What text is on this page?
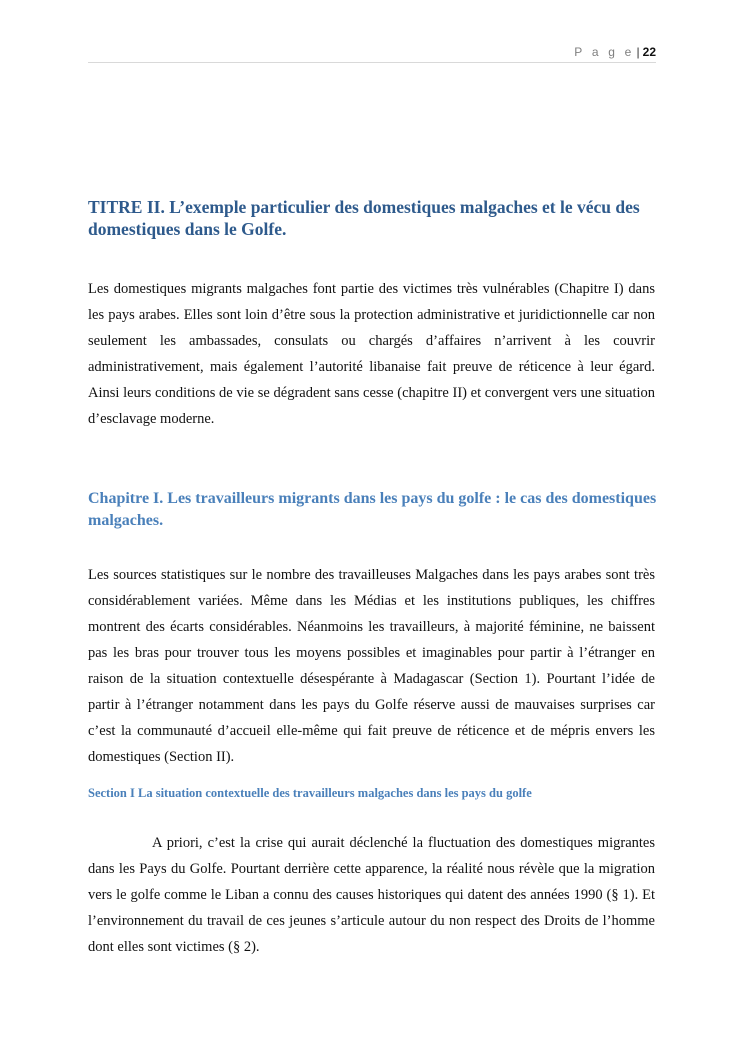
P a g e | 22
TITRE II. L’exemple particulier des domestiques malgaches et le vécu des domestiques dans le Golfe.

Les domestiques migrants malgaches font partie des victimes très vulnérables (Chapitre I) dans les pays arabes. Elles sont loin d’être sous la protection administrative et juridictionnelle car non seulement les ambassades, consulats ou chargés d’affaires n’arrivent à les couvrir administrativement, mais également l’autorité libanaise fait preuve de réticence à leur égard. Ainsi leurs conditions de vie se dégradent sans cesse (chapitre II) et convergent vers une situation d’esclavage moderne.

Chapitre I. Les travailleurs migrants dans les pays du golfe : le cas des domestiques malgaches.

Les sources statistiques sur le nombre des travailleuses Malgaches dans les pays arabes sont très considérablement variées. Même dans les Médias et les institutions publiques, les chiffres montrent des écarts considérables. Néanmoins les travailleurs, à majorité féminine, ne baissent pas les bras pour trouver tous les moyens possibles et imaginables pour partir à l’étranger en raison de la situation contextuelle désespérante à Madagascar (Section 1). Pourtant l’idée de partir à l’étranger notamment dans les pays du Golfe réserve aussi de mauvaises surprises car c’est la communauté d’accueil elle-même qui fait preuve de réticence et de mépris envers les domestiques (Section II).

Section I La situation contextuelle des travailleurs malgaches dans les pays du golfe

A priori, c’est la crise qui aurait déclenché la fluctuation des domestiques migrantes dans les Pays du Golfe. Pourtant derrière cette apparence, la réalité nous révèle que la migration vers le golfe comme le Liban a connu des causes historiques qui datent des années 1990 (§ 1). Et l’environnement du travail de ces jeunes s’articule autour du non respect des Droits de l’homme dont elles sont victimes (§ 2).
